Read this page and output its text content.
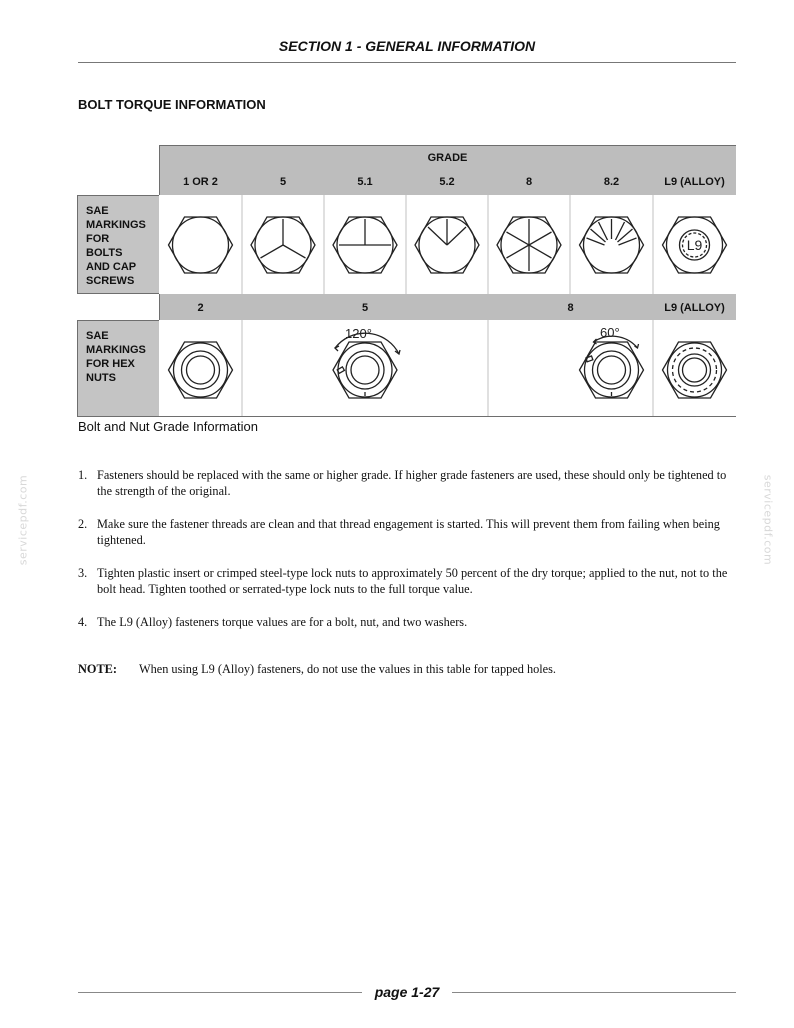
SECTION 1 - GENERAL INFORMATION
BOLT TORQUE INFORMATION
GRADE
1 OR 2	5	5.1	5.2	8	8.2	L9 (ALLOY)
SAE
MARKINGS
FOR
BOLTS
AND CAP
SCREWS
L9
2	5	8	L9 (ALLOY)
SAE
MARKINGS
FOR HEX
NUTS
120°	60°
Bolt and Nut Grade Information
1. Fasteners should be replaced with the same or higher grade. If higher grade fasteners are used, these should only be tightened to the strength of the original.
2. Make sure the fastener threads are clean and that thread engagement is started. This will prevent them from failing when being tightened.
3. Tighten plastic insert or crimped steel-type lock nuts to approximately 50 percent of the dry torque; applied to the nut, not to the bolt head. Tighten toothed or serrated-type lock nuts to the full torque value.
4. The L9 (Alloy) fasteners torque values are for a bolt, nut, and two washers.
NOTE: When using L9 (Alloy) fasteners, do not use the values in this table for tapped holes.
servicepdf.com	servicepdf.com
page 1-27
